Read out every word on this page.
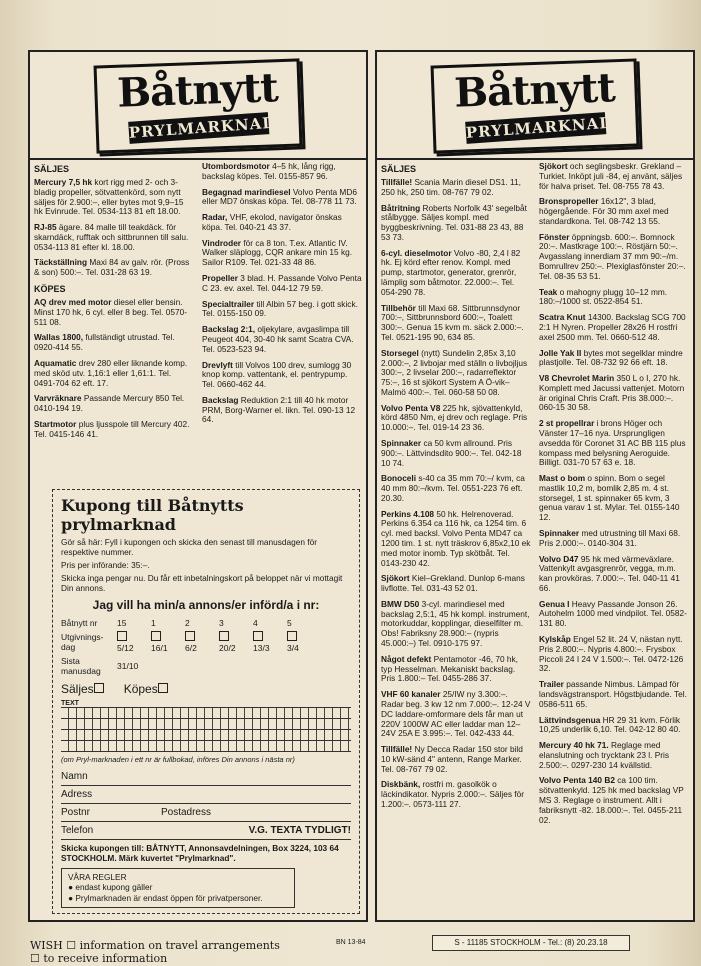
Båtnytt
PRYLMARKNAD
SÄLJES

Mercury 7,5 hk kort rigg med 2- och 3-bladig propeller, sötvattenkörd, som nytt säljes för 2.900:–, eller bytes mot 9,9–15 hk Evinrude. Tel. 0534-113 81 eft 18.00.

RJ-85 ägare. 84 malle till teakdäck. för skarndäck, rufftak och sittbrunnen till salu. 0534-113 81 efter kl. 18.00.

Täckställning Maxi 84 av galv. rör. (Pross & son) 500:–. Tel. 031-28 63 19.

KÖPES

AQ drev med motor diesel eller bensin. Minst 170 hk, 6 cyl. eller 8 beg. Tel. 0570-511 08.

Wallas 1800, fullständigt utrustad. Tel. 0920-414 55.

Aquamatic drev 280 eller liknande komp. med sköd utv. 1,16:1 eller 1,61:1. Tel. 0491-704 62 eft. 17.

Varvräknare Passande Mercury 850 Tel. 0410-194 19.

Startmotor plus ljusspole till Mercury 402. Tel. 0415-146 41.

Utombordsmotor 4–5 hk, lång rigg, backslag köpes. Tel. 0155-857 96.

Begagnad marindiesel Volvo Penta MD6 eller MD7 önskas köpa. Tel. 08-778 11 73.

Radar, VHF, ekolod, navigator önskas köpa. Tel. 040-21 43 37.

Vindroder för ca 8 ton. T.ex. Atlantic IV. Walker släplogg, CQR ankare min 15 kg. Sailor R109. Tel. 021-33 48 86.

Propeller 3 blad. H. Passande Volvo Penta C 23. ev. axel. Tel. 044-12 79 59.

Specialtrailer till Albin 57 beg. i gott skick. Tel. 0155-150 09.

Backslag 2:1, oljekylare, avgaslimpa till Peugeot 404, 30-40 hk samt Scatra CVA. Tel. 0523-523 94.

Drevlyft till Volvos 100 drev, sumlogg 30 knop komp. vattentank, el. pentrypump. Tel. 0660-462 44.

Backslag Reduktion 2:1 till 40 hk motor PRM, Borg-Warner el. likn. Tel. 090-13 12 64.

Kupong till Båtnytts prylmarknad

Gör så här: Fyll i kupongen och skicka den senast till manusdagen för respektive nummer.

Pris per införande: 35:–.

Skicka inga pengar nu. Du får ett inbetalningskort på beloppet när vi mottagit Din annons.

Jag vill ha min/a annons/er införd/a i nr:
Båtnytt nr	15	1	2	3	4	5
Utgivnings-dag	5/12	16/1	6/2	20/2	13/3	3/4
Sista manusdag	31/10
Säljes	Köpes
TEXT
(om Pryl-marknaden i ett nr är fullbokad, införes Din annons i nästa nr)
Namn
Adress
Postnr	Postadress
Telefon	V.G. TEXTA TYDLIGT!
Skicka kupongen till: BÅTNYTT, Annonsavdelningen, Box 3224, 103 64 STOCKHOLM. Märk kuvertet "Prylmarknad".
VÅRA REGLER
● endast kupong gäller
● Prylmarknaden är endast öppen för privatpersoner.
Båtnytt
PRYLMARKNAD
SÄLJES

Tillfälle! Scania Marin diesel DS1. 11, 250 hk, 250 tim. 08-767 79 02.

Båtritning Roberts Norfolk 43' segelbåt stålbygge. Säljes kompl. med byggbeskrivning. Tel. 031-88 23 43, 88 53 73.

6-cyl. dieselmotor Volvo -80, 2,4 l 82 hk. Ej körd efter renov. Kompl. med pump, startmotor, generator, grenrör, lämplig som båtmotor. 22.000:–. Tel. 054-290 78.

Tillbehör till Maxi 68. Sittbrunnsdynor 700:–, Sittbrunnsbord 600:–, Toalett 300:–. Genua 15 kvm m. säck 2.000:–. Tel. 0521-195 90, 634 85.

Storsegel (nytt) Sundelin 2,85x 3,10 2.000:–, 2 livbojar med ställn o livbojljus 300:–, 2 livselar 200:–, radarreflektor 75:–, 16 st sjökort System A Ö-vik–Malmö 400:–. Tel. 060-58 50 08.

Volvo Penta V8 225 hk, sjövattenkyld, körd 4850 Nm, ej drev och reglage. Pris 10.000:–. Tel. 019-14 23 36.

Spinnaker ca 50 kvm allround. Pris 900:–. Lättvindsdito 900:–. Tel. 042-18 10 74.

Bonoceli s-40 ca 35 mm 70:–/ kvm, ca 40 mm 80:–/kvm. Tel. 0551-223 76 eft. 20.30.

Perkins 4.108 50 hk. Helrenoverad. Perkins 6.354 ca 116 hk, ca 1254 tim. 6 cyl. med backsl. Volvo Penta MD47 ca 1200 tim. 1 st. nytt träskrov 6,85x2,10 ek med motor inomb. Typ skötbåt. Tel. 0143-230 42.

Sjökort Kiel–Grekland. Dunlop 6-mans livflotte. Tel. 031-43 52 01.

BMW D50 3-cyl. marindiesel med backslag 2,5:1, 45 hk kompl. instrument, motorkuddar, kopplingar, dieselfilter m. Obs! Fabriksny 28.900:– (nypris 45.000:–) Tel. 0910-175 97.

Något defekt Pentamotor -46, 70 hk, typ Hesselman. Mekaniskt backslag. Pris 1.800:– Tel. 0455-286 37.

VHF 60 kanaler 25/IW ny 3.300:–. Radar beg. 3 kw 12 nm 7.000:–. 12-24 V DC laddare-omformare dels får man ut 220V 1000W AC eller laddar man 12–24V 25A E 3.995:–. Tel. 042-433 44.

Tillfälle! Ny Decca Radar 150 stor bild 10 kW-sänd 4" antenn, Range Marker. Tel. 08-767 79 02.

Diskbänk, rostfri m. gasolkök o läckindikator. Nypris 2.000:–. Säljes för 1.200:–. 0573-111 27.

Sjökort och seglingsbeskr. Grekland – Turkiet. Inköpt juli -84, ej använt, säljes för halva priset. Tel. 08-755 78 43.

Bronspropeller 16x12", 3 blad, högergående. För 30 mm axel med standardkona. Tel. 08-742 13 55.

Fönster öppningsb. 600:–. Bomnock 20:–. Mastkrage 100:–. Röstjärn 50:–. Avgasslang innerdiam 37 mm 90:–/m. Bomrullrev 250:–. Plexiglasfönster 20:–. Tel. 08-35 53 51.

Teak o mahogny plugg 10–12 mm. 180:–/1000 st. 0522-854 51.

Scatra Knut 14300. Backslag SCG 700 2:1 H Nyren. Propeller 28x26 H rostfri axel 2500 mm. Tel. 0660-512 48.

Jolle Yak II bytes mot segelklar mindre plastjolle. Tel. 08-732 92 66 eft. 18.

V8 Chevrolet Marin 350 L o I, 270 hk. Komplett med Jacussi vattenjet. Motorn är original Chris Craft. Pris 38.000:–. 060-15 30 58.

2 st propellrar i brons Höger och Vänster 17–16 nya. Ursprungligen avsedda för Coronet 31 AC BB 115 plus kompass med belysning Aeroguide. Billigt. 031-70 57 63 e. 18.

Mast o bom o spinn. Bom o segel mastlik 10,2 m, bomlik 2,85 m. 4 st. storsegel, 1 st. spinnaker 65 kvm, 3 genua varav 1 st. Mylar. Tel. 0155-140 12.

Spinnaker med utrustning till Maxi 68. Pris 2.000:–. 0140-304 31.

Volvo D47 95 hk med värmeväxlare. Vattenkylt avgasgrenrör, vegga, m.m. kan provköras. 7.000:–. Tel. 040-11 41 66.

Genua I Heavy Passande Jonson 26. Autohelm 1000 med vindpilot. Tel. 0582-131 80.

Kylskåp Engel 52 lit. 24 V, nästan nytt. Pris 2.800:–. Nypris 4.800:–. Frysbox Piccoli 24 I 24 V 1.500:–. Tel. 0472-126 32.

Trailer passande Nimbus. Lämpad för landsvägstransport. Högstbjudande. Tel. 0586-511 65.

Lättvindsgenua HR 29 31 kvm. Förlik 10,25 underlik 6,10. Tel. 042-12 80 40.

Mercury 40 hk 71. Reglage med elanslutning och trycktank 23 l. Pris 2.500:–. 0297-230 14 kvällstid.

Volvo Penta 140 B2 ca 100 tim. sötvattenkyld. 125 hk med backslag VP MS 3. Reglage o instrument. Allt i fabriksnytt -82. 18.000:–. Tel. 0455-211 02.

WISH ☐ information on travel arrangements
☐ to receive information
BN 13-84	S - 11185 STOCKHOLM - Tel.: (8) 20.23.18
